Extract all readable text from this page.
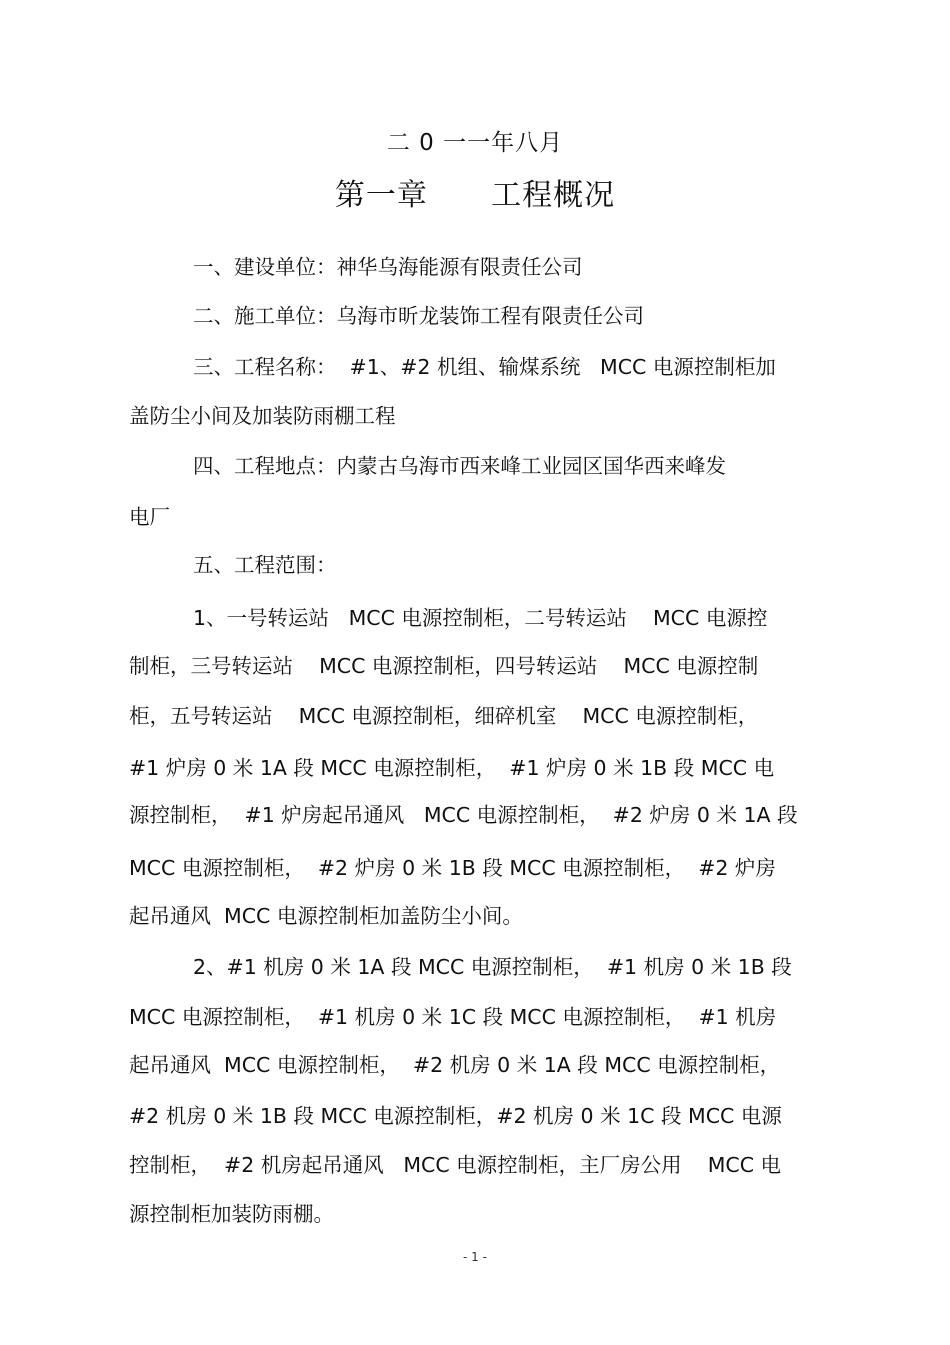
二 0 一一年八月
第一章      工程概况
一、建设单位：神华乌海能源有限责任公司
二、施工单位：乌海市昕龙装饰工程有限责任公司
三、工程名称：  #1、#2 机组、输煤系统   MCC 电源控制柜加
盖防尘小间及加装防雨棚工程
四、工程地点：内蒙古乌海市西来峰工业园区国华西来峰发
电厂
五、工程范围：
1、一号转运站   MCC 电源控制柜，二号转运站    MCC 电源控
制柜，三号转运站    MCC 电源控制柜，四号转运站    MCC 电源控制
柜，五号转运站    MCC 电源控制柜，细碎机室    MCC 电源控制柜，
#1 炉房 0 米 1A 段 MCC 电源控制柜，  #1 炉房 0 米 1B 段 MCC 电
源控制柜，  #1 炉房起吊通风   MCC 电源控制柜，  #2 炉房 0 米 1A 段
MCC 电源控制柜，  #2 炉房 0 米 1B 段 MCC 电源控制柜，  #2 炉房
起吊通风  MCC 电源控制柜加盖防尘小间。
2、#1 机房 0 米 1A 段 MCC 电源控制柜，  #1 机房 0 米 1B 段
MCC 电源控制柜，  #1 机房 0 米 1C 段 MCC 电源控制柜，  #1 机房
起吊通风  MCC 电源控制柜，  #2 机房 0 米 1A 段 MCC 电源控制柜，
#2 机房 0 米 1B 段 MCC 电源控制柜，#2 机房 0 米 1C 段 MCC 电源
控制柜，  #2 机房起吊通风   MCC 电源控制柜，主厂房公用    MCC 电
源控制柜加装防雨棚。
- 1 -
